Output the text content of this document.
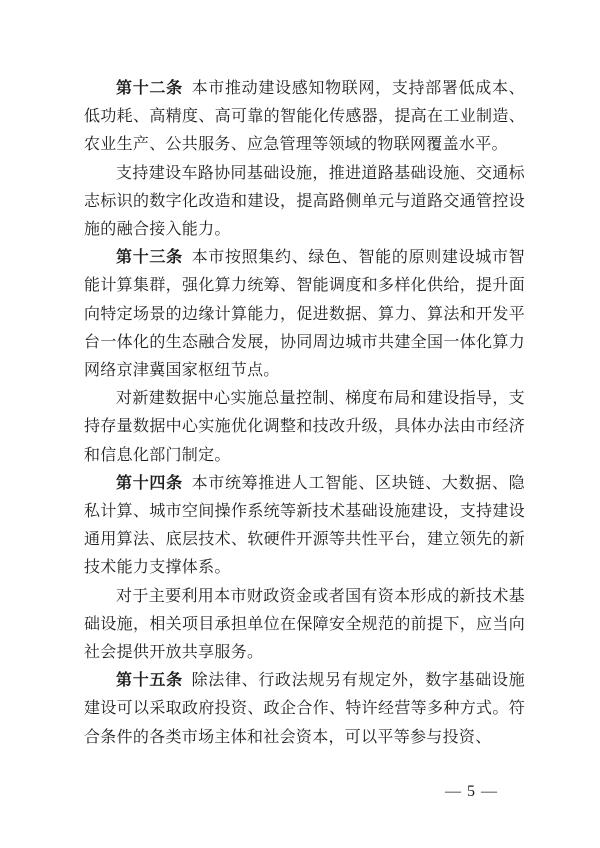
第十二条 本市推动建设感知物联网，支持部署低成本、低功耗、高精度、高可靠的智能化传感器，提高在工业制造、农业生产、公共服务、应急管理等领域的物联网覆盖水平。

支持建设车路协同基础设施，推进道路基础设施、交通标志标识的数字化改造和建设，提高路侧单元与道路交通管控设施的融合接入能力。

第十三条 本市按照集约、绿色、智能的原则建设城市智能计算集群，强化算力统筹、智能调度和多样化供给，提升面向特定场景的边缘计算能力，促进数据、算力、算法和开发平台一体化的生态融合发展，协同周边城市共建全国一体化算力网络京津冀国家枢纽节点。

对新建数据中心实施总量控制、梯度布局和建设指导，支持存量数据中心实施优化调整和技改升级，具体办法由市经济和信息化部门制定。

第十四条 本市统筹推进人工智能、区块链、大数据、隐私计算、城市空间操作系统等新技术基础设施建设，支持建设通用算法、底层技术、软硬件开源等共性平台，建立领先的新技术能力支撑体系。

对于主要利用本市财政资金或者国有资本形成的新技术基础设施，相关项目承担单位在保障安全规范的前提下，应当向社会提供开放共享服务。

第十五条 除法律、行政法规另有规定外，数字基础设施建设可以采取政府投资、政企合作、特许经营等多种方式。符合条件的各类市场主体和社会资本，可以平等参与投资、

— 5 —
